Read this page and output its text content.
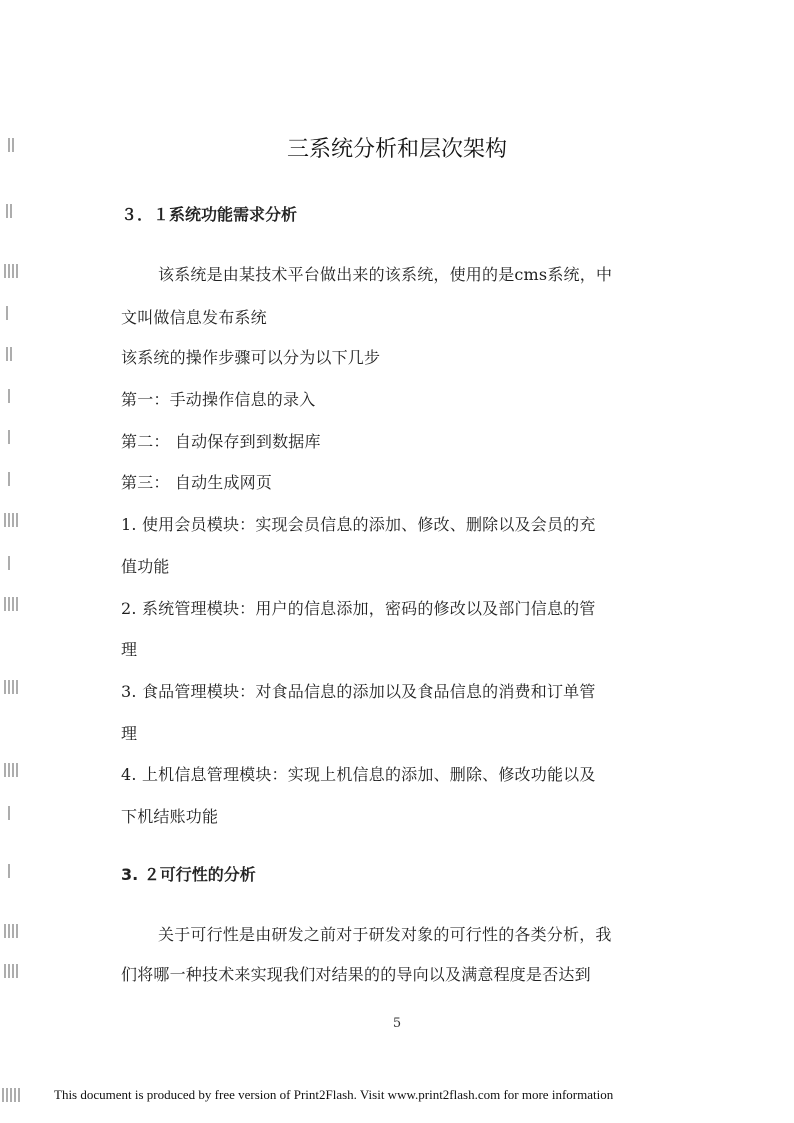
三系统分析和层次架构
３．１系统功能需求分析
该系统是由某技术平台做出来的该系统，使用的是cms系统，中
文叫做信息发布系统
该系统的操作步骤可以分为以下几步
第一：手动操作信息的录入
第二： 自动保存到到数据库
第三： 自动生成网页
1. 使用会员模块：实现会员信息的添加、修改、删除以及会员的充
值功能
2. 系统管理模块：用户的信息添加，密码的修改以及部门信息的管
理
3. 食品管理模块：对食品信息的添加以及食品信息的消费和订单管
理
4. 上机信息管理模块：实现上机信息的添加、删除、修改功能以及
下机结账功能
3. ２可行性的分析
关于可行性是由研发之前对于研发对象的可行性的各类分析，我
们将哪一种技术来实现我们对结果的的导向以及满意程度是否达到
5
This document is produced by free version of Print2Flash. Visit www.print2flash.com for more information
